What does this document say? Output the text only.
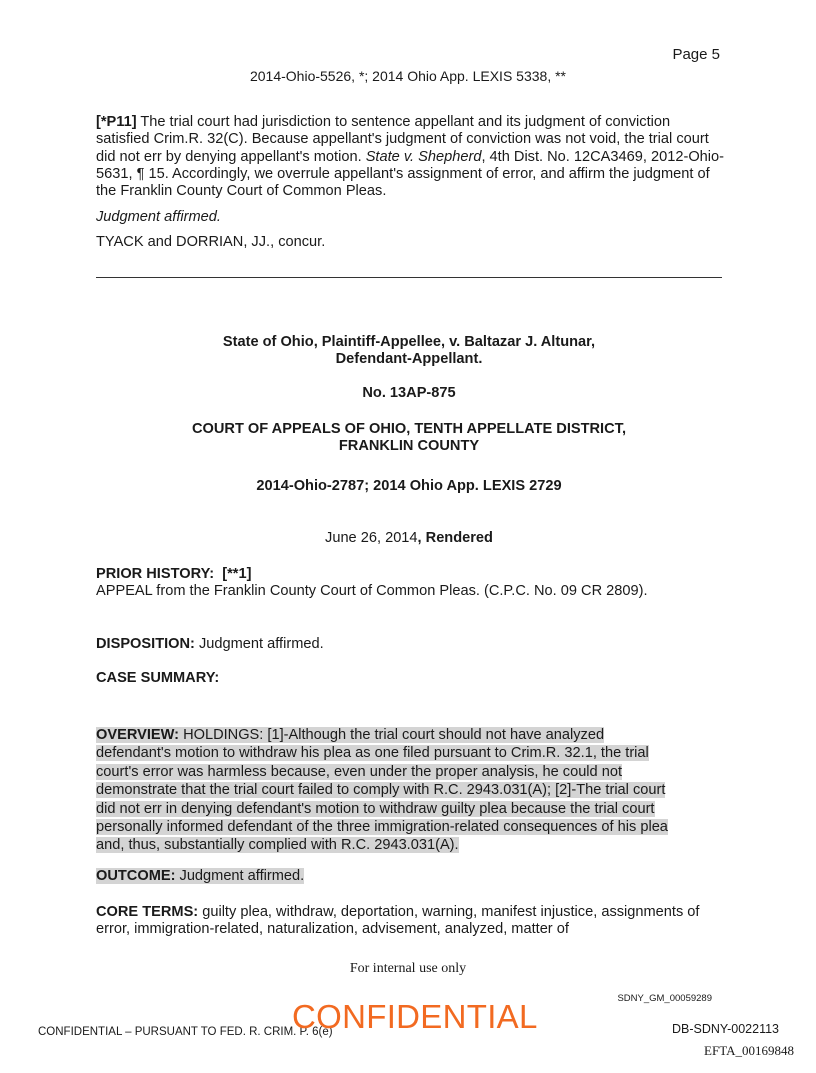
Page 5
2014-Ohio-5526, *; 2014 Ohio App. LEXIS 5338, **
[*P11] The trial court had jurisdiction to sentence appellant and its judgment of conviction satisfied Crim.R. 32(C). Because appellant's judgment of conviction was not void, the trial court did not err by denying appellant's motion. State v. Shepherd, 4th Dist. No. 12CA3469, 2012-Ohio-5631, ¶ 15. Accordingly, we overrule appellant's assignment of error, and affirm the judgment of the Franklin County Court of Common Pleas.
Judgment affirmed.
TYACK and DORRIAN, JJ., concur.
State of Ohio, Plaintiff-Appellee, v. Baltazar J. Altunar,
Defendant-Appellant.
No. 13AP-875
COURT OF APPEALS OF OHIO, TENTH APPELLATE DISTRICT,
FRANKLIN COUNTY
2014-Ohio-2787; 2014 Ohio App. LEXIS 2729
June 26, 2014, Rendered
PRIOR HISTORY: [**1]
APPEAL from the Franklin County Court of Common Pleas. (C.P.C. No. 09 CR 2809).
DISPOSITION: Judgment affirmed.
CASE SUMMARY:
OVERVIEW: HOLDINGS: [1]-Although the trial court should not have analyzed
defendant's motion to withdraw his plea as one filed pursuant to Crim.R. 32.1, the trial
court's error was harmless because, even under the proper analysis, he could not
demonstrate that the trial court failed to comply with R.C. 2943.031(A); [2]-The trial court
did not err in denying defendant's motion to withdraw guilty plea because the trial court
personally informed defendant of the three immigration-related consequences of his plea
and, thus, substantially complied with R.C. 2943.031(A).
OUTCOME: Judgment affirmed.
CORE TERMS: guilty plea, withdraw, deportation, warning, manifest injustice, assignments of error, immigration-related, naturalization, advisement, analyzed, matter of
For internal use only
SDNY_GM_00059289
CONFIDENTIAL – PURSUANT TO FED. R. CRIM. P. 6(e)
CONFIDENTIAL	DB-SDNY-0022113
EFTA_00169848
